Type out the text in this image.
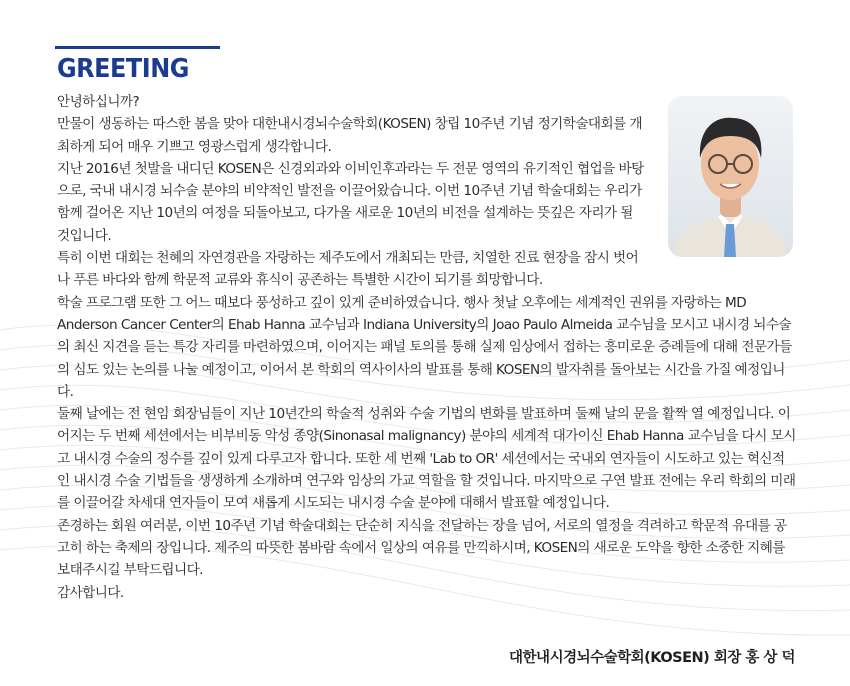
GREETING

안녕하십니까?

만물이 생동하는 따스한 봄을 맞아 대한내시경뇌수술학회(KOSEN) 창립 10주년 기념 정기학술대회를 개최하게 되어 매우 기쁘고 영광스럽게 생각합니다.

지난 2016년 첫발을 내디딘 KOSEN은 신경외과와 이비인후과라는 두 전문 영역의 유기적인 협업을 바탕으로, 국내 내시경 뇌수술 분야의 비약적인 발전을 이끌어왔습니다. 이번 10주년 기념 학술대회는 우리가 함께 걸어온 지난 10년의 여정을 되돌아보고, 다가올 새로운 10년의 비전을 설계하는 뜻깊은 자리가 될 것입니다.

특히 이번 대회는 천혜의 자연경관을 자랑하는 제주도에서 개최되는 만큼, 치열한 진료 현장을 잠시 벗어나 푸른 바다와 함께 학문적 교류와 휴식이 공존하는 특별한 시간이 되기를 희망합니다.

학술 프로그램 또한 그 어느 때보다 풍성하고 깊이 있게 준비하였습니다. 행사 첫날 오후에는 세계적인 권위를 자랑하는 MD Anderson Cancer Center의 Ehab Hanna 교수님과 Indiana University의 Joao Paulo Almeida 교수님을 모시고 내시경 뇌수술의 최신 지견을 듣는 특강 자리를 마련하였으며, 이어지는 패널 토의를 통해 실제 임상에서 접하는 흥미로운 증례들에 대해 전문가들의 심도 있는 논의를 나눌 예정이고, 이어서 본 학회의 역사이사의 발표를 통해 KOSEN의 발자취를 돌아보는 시간을 가질 예정입니다.

둘째 날에는 전 현임 회장님들이 지난 10년간의 학술적 성취와 수술 기법의 변화를 발표하며 둘째 날의 문을 활짝 열 예정입니다. 이어지는 두 번째 세션에서는 비부비동 악성 종양(Sinonasal malignancy) 분야의 세계적 대가이신 Ehab Hanna 교수님을 다시 모시고 내시경 수술의 정수를 깊이 있게 다루고자 합니다. 또한 세 번째 'Lab to OR' 세션에서는 국내외 연자들이 시도하고 있는 혁신적인 내시경 수술 기법들을 생생하게 소개하며 연구와 임상의 가교 역할을 할 것입니다. 마지막으로 구연 발표 전에는 우리 학회의 미래를 이끌어갈 차세대 연자들이 모여 새롭게 시도되는 내시경 수술 분야에 대해서 발표할 예정입니다.

존경하는 회원 여러분, 이번 10주년 기념 학술대회는 단순히 지식을 전달하는 장을 넘어, 서로의 열정을 격려하고 학문적 유대를 공고히 하는 축제의 장입니다. 제주의 따뜻한 봄바람 속에서 일상의 여유를 만끽하시며, KOSEN의 새로운 도약을 향한 소중한 지혜를 보태주시길 부탁드립니다.

감사합니다.

대한내시경뇌수술학회(KOSEN) 회장 홍 상 덕
